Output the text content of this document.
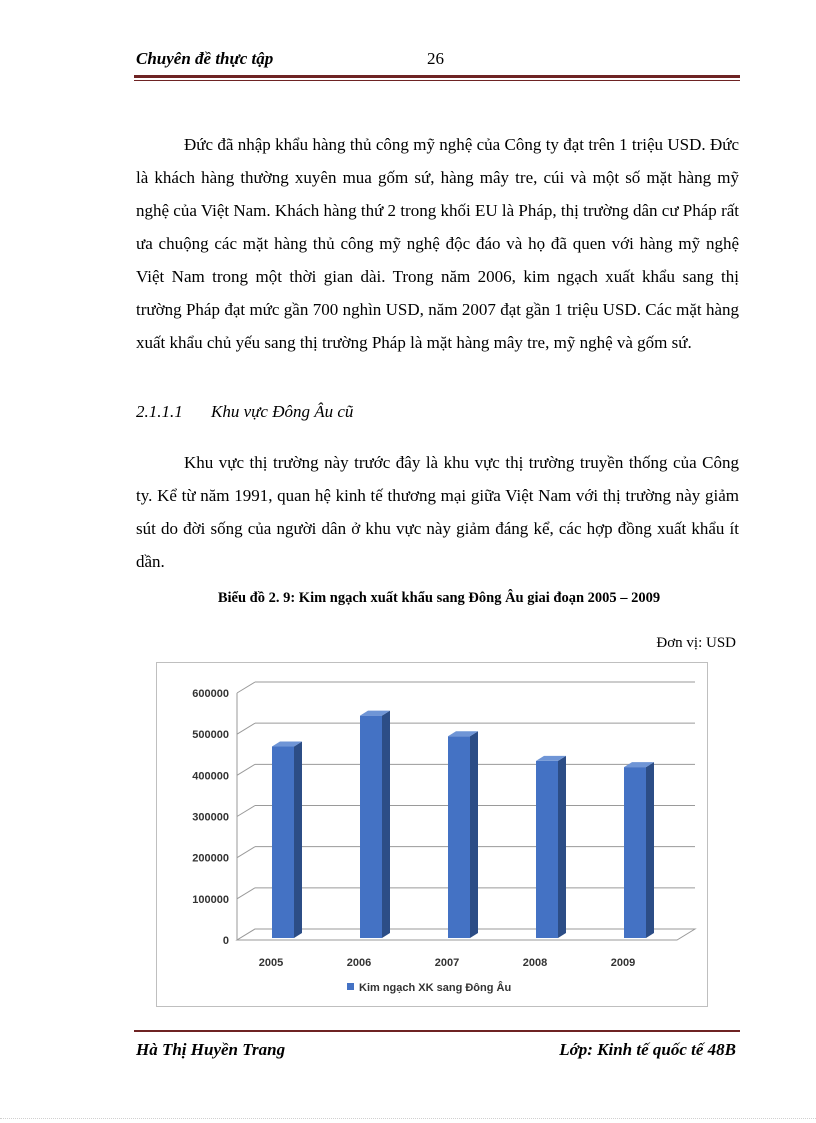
Chuyên đề thực tập	26
Đức đã nhập khẩu hàng thủ công mỹ nghệ của Công ty đạt trên 1 triệu USD. Đức là khách hàng thường xuyên mua gốm sứ, hàng mây tre, cúi và một số mặt hàng mỹ nghệ của Việt Nam. Khách hàng thứ 2 trong khối EU là Pháp, thị trường dân cư Pháp rất ưa chuộng các mặt hàng thủ công mỹ nghệ độc đáo và họ đã quen với hàng mỹ nghệ Việt Nam trong một thời gian dài. Trong năm 2006, kim ngạch xuất khẩu sang thị trường Pháp đạt mức gần 700 nghìn USD, năm 2007 đạt gần 1 triệu USD. Các mặt hàng xuất khẩu chủ yếu sang thị trường Pháp là mặt hàng mây tre, mỹ nghệ và gốm sứ.
2.1.1.1 Khu vực Đông Âu cũ
Khu vực thị trường này trước đây là khu vực thị trường truyền thống của Công ty. Kể từ năm 1991, quan hệ kinh tế thương mại giữa Việt Nam với thị trường này giảm sút do đời sống của người dân ở khu vực này giảm đáng kể, các hợp đồng xuất khẩu ít dần.
Biểu đồ 2. 9: Kim ngạch xuất khẩu sang Đông Âu giai đoạn 2005 – 2009
Đơn vị: USD
0
100000
200000
300000
400000
500000
600000
2005	2006	2007	2008	2009
Kim ngạch XK sang Đông Âu
Hà Thị Huyền Trang	Lớp: Kinh tế quốc tế 48B
